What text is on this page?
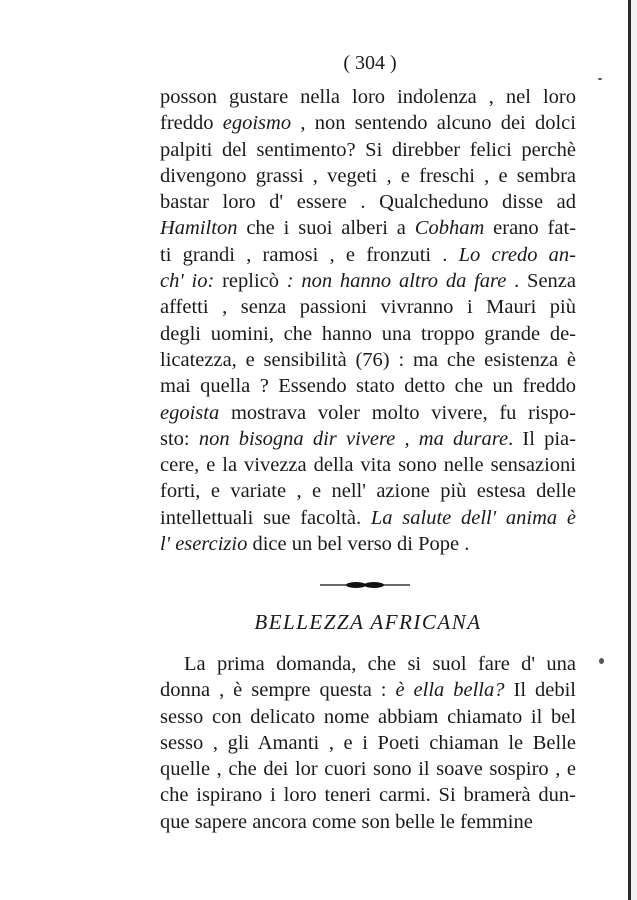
( 304 )
posson gustare nella loro indolenza , nel loro
freddo egoismo , non sentendo alcuno dei dolci
palpiti del sentimento? Si direbber felici perchè
divengono grassi , vegeti , e freschi , e sembra
bastar loro d' essere . Qualcheduno disse ad
Hamilton che i suoi alberi a Cobham erano fat-
ti grandi , ramosi , e fronzuti . Lo credo an-
ch' io: replicò : non hanno altro da fare . Senza
affetti , senza passioni vivranno i Mauri più
degli uomini, che hanno una troppo grande de-
licatezza, e sensibilità (76) : ma che esistenza è
mai quella ? Essendo stato detto che un freddo
egoista mostrava voler molto vivere, fu rispo-
sto: non bisogna dir vivere , ma durare. Il pia-
cere, e la vivezza della vita sono nelle sensazioni
forti, e variate , e nell' azione più estesa delle
intellettuali sue facoltà. La salute dell' anima è
l' esercizio dice un bel verso di Pope .
BELLEZZA AFRICANA
La prima domanda, che si suol fare d' una
donna , è sempre questa : è ella bella? Il debil
sesso con delicato nome abbiam chiamato il bel
sesso , gli Amanti , e i Poeti chiaman le Belle
quelle , che dei lor cuori sono il soave sospiro , e
che ispirano i loro teneri carmi. Si bramerà dun-
que sapere ancora come son belle le femmine
